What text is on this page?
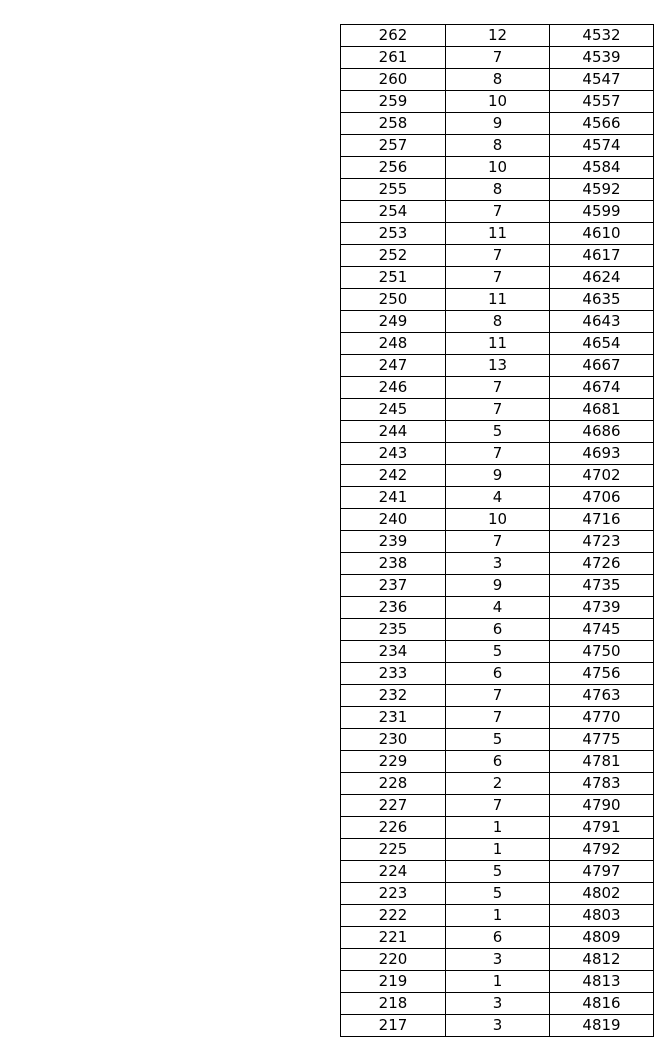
262	12	4532
261	7	4539
260	8	4547
259	10	4557
258	9	4566
257	8	4574
256	10	4584
255	8	4592
254	7	4599
253	11	4610
252	7	4617
251	7	4624
250	11	4635
249	8	4643
248	11	4654
247	13	4667
246	7	4674
245	7	4681
244	5	4686
243	7	4693
242	9	4702
241	4	4706
240	10	4716
239	7	4723
238	3	4726
237	9	4735
236	4	4739
235	6	4745
234	5	4750
233	6	4756
232	7	4763
231	7	4770
230	5	4775
229	6	4781
228	2	4783
227	7	4790
226	1	4791
225	1	4792
224	5	4797
223	5	4802
222	1	4803
221	6	4809
220	3	4812
219	1	4813
218	3	4816
217	3	4819
